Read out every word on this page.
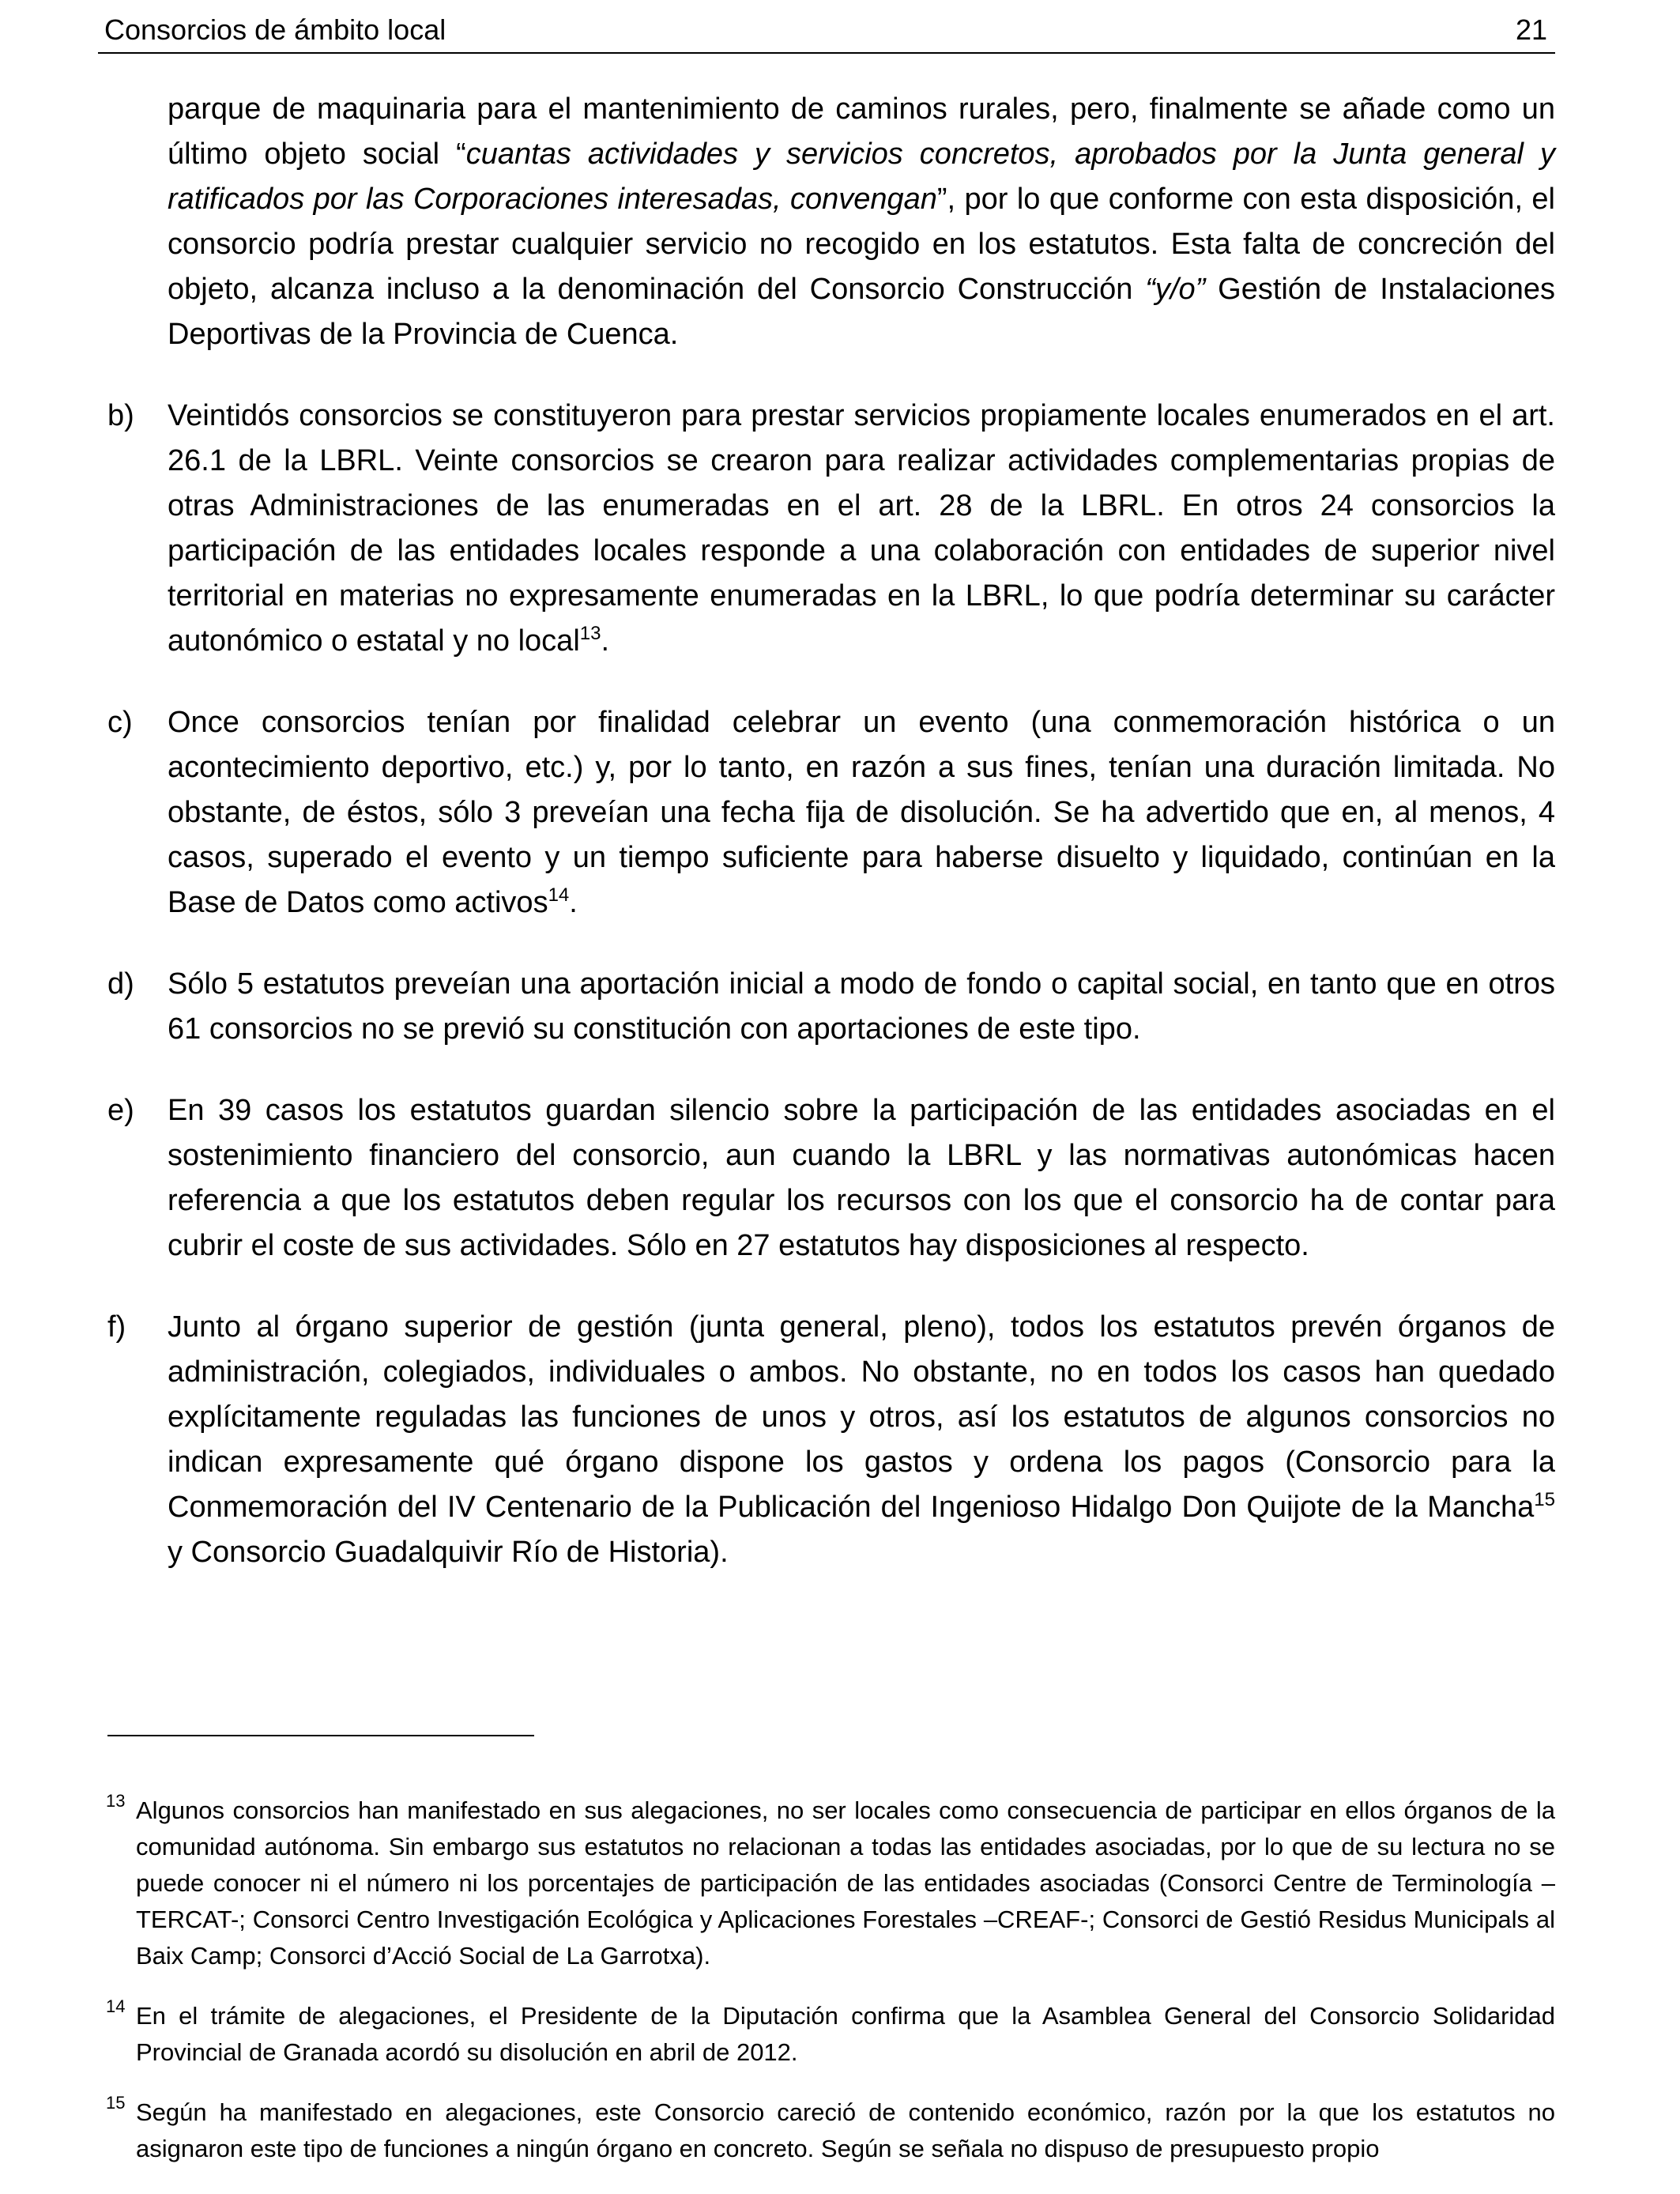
Consorcios de ámbito local	21

parque de maquinaria para el mantenimiento de caminos rurales, pero, finalmente se añade como un último objeto social “cuantas actividades y servicios concretos, aprobados por la Junta general y ratificados por las Corporaciones interesadas, convengan”, por lo que conforme con esta disposición, el consorcio podría prestar cualquier servicio no recogido en los estatutos. Esta falta de concreción del objeto, alcanza incluso a la denominación del Consorcio Construcción “y/o” Gestión de Instalaciones Deportivas de la Provincia de Cuenca.

b) Veintidós consorcios se constituyeron para prestar servicios propiamente locales enumerados en el art. 26.1 de la LBRL. Veinte consorcios se crearon para realizar actividades complementarias propias de otras Administraciones de las enumeradas en el art. 28 de la LBRL. En otros 24 consorcios la participación de las entidades locales responde a una colaboración con entidades de superior nivel territorial en materias no expresamente enumeradas en la LBRL, lo que podría determinar su carácter autonómico o estatal y no local$^{13}$.

c) Once consorcios tenían por finalidad celebrar un evento (una conmemoración histórica o un acontecimiento deportivo, etc.) y, por lo tanto, en razón a sus fines, tenían una duración limitada. No obstante, de éstos, sólo 3 preveían una fecha fija de disolución. Se ha advertido que en, al menos, 4 casos, superado el evento y un tiempo suficiente para haberse disuelto y liquidado, continúan en la Base de Datos como activos$^{14}$.

d) Sólo 5 estatutos preveían una aportación inicial a modo de fondo o capital social, en tanto que en otros 61 consorcios no se previó su constitución con aportaciones de este tipo.

e) En 39 casos los estatutos guardan silencio sobre la participación de las entidades asociadas en el sostenimiento financiero del consorcio, aun cuando la LBRL y las normativas autonómicas hacen referencia a que los estatutos deben regular los recursos con los que el consorcio ha de contar para cubrir el coste de sus actividades. Sólo en 27 estatutos hay disposiciones al respecto.

f) Junto al órgano superior de gestión (junta general, pleno), todos los estatutos prevén órganos de administración, colegiados, individuales o ambos. No obstante, no en todos los casos han quedado explícitamente reguladas las funciones de unos y otros, así los estatutos de algunos consorcios no indican expresamente qué órgano dispone los gastos y ordena los pagos (Consorcio para la Conmemoración del IV Centenario de la Publicación del Ingenioso Hidalgo Don Quijote de la Mancha$^{15}$ y Consorcio Guadalquivir Río de Historia).

13 Algunos consorcios han manifestado en sus alegaciones, no ser locales como consecuencia de participar en ellos órganos de la comunidad autónoma. Sin embargo sus estatutos no relacionan a todas las entidades asociadas, por lo que de su lectura no se puede conocer ni el número ni los porcentajes de participación de las entidades asociadas (Consorci Centre de Terminología –TERCAT-; Consorci Centro Investigación Ecológica y Aplicaciones Forestales –CREAF-; Consorci de Gestió Residus Municipals al Baix Camp; Consorci d’Acció Social de La Garrotxa).

14 En el trámite de alegaciones, el Presidente de la Diputación confirma que la Asamblea General del Consorcio Solidaridad Provincial de Granada acordó su disolución en abril de 2012.

15 Según ha manifestado en alegaciones, este Consorcio careció de contenido económico, razón por la que los estatutos no asignaron este tipo de funciones a ningún órgano en concreto. Según se señala no dispuso de presupuesto propio
